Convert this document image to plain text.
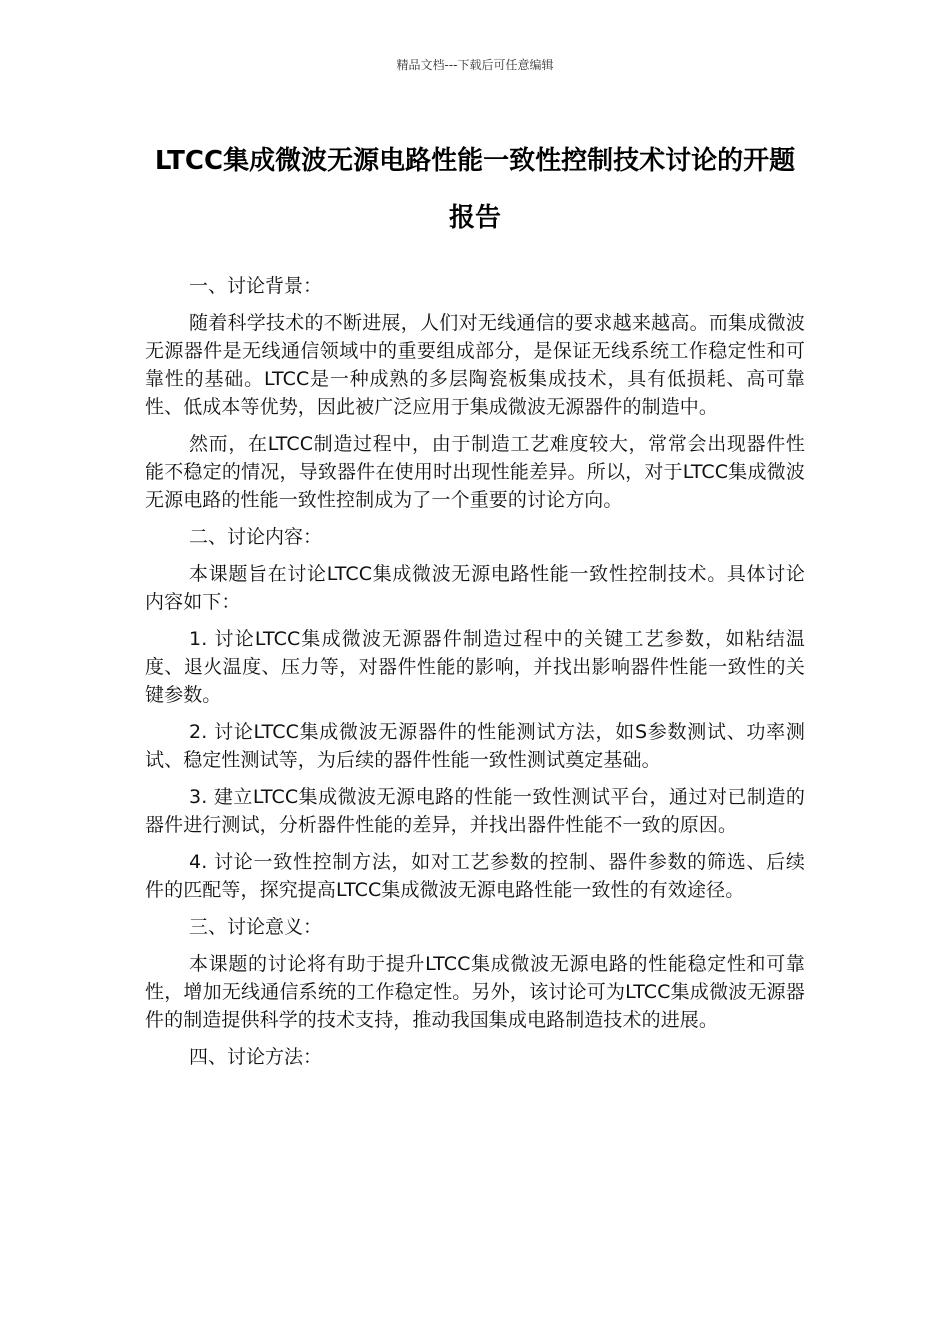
精品文档---下载后可任意编辑
LTCC集成微波无源电路性能一致性控制技术讨论的开题报告

一、讨论背景：

随着科学技术的不断进展，人们对无线通信的要求越来越高。而集成微波无源器件是无线通信领域中的重要组成部分，是保证无线系统工作稳定性和可靠性的基础。LTCC是一种成熟的多层陶瓷板集成技术，具有低损耗、高可靠性、低成本等优势，因此被广泛应用于集成微波无源器件的制造中。

然而，在LTCC制造过程中，由于制造工艺难度较大，常常会出现器件性能不稳定的情况，导致器件在使用时出现性能差异。所以，对于LTCC集成微波无源电路的性能一致性控制成为了一个重要的讨论方向。

二、讨论内容：

本课题旨在讨论LTCC集成微波无源电路性能一致性控制技术。具体讨论内容如下：

1. 讨论LTCC集成微波无源器件制造过程中的关键工艺参数，如粘结温度、退火温度、压力等，对器件性能的影响，并找出影响器件性能一致性的关键参数。

2. 讨论LTCC集成微波无源器件的性能测试方法，如S参数测试、功率测试、稳定性测试等，为后续的器件性能一致性测试奠定基础。

3. 建立LTCC集成微波无源电路的性能一致性测试平台，通过对已制造的器件进行测试，分析器件性能的差异，并找出器件性能不一致的原因。

4. 讨论一致性控制方法，如对工艺参数的控制、器件参数的筛选、后续件的匹配等，探究提高LTCC集成微波无源电路性能一致性的有效途径。

三、讨论意义：

本课题的讨论将有助于提升LTCC集成微波无源电路的性能稳定性和可靠性，增加无线通信系统的工作稳定性。另外，该讨论可为LTCC集成微波无源器件的制造提供科学的技术支持，推动我国集成电路制造技术的进展。

四、讨论方法：
